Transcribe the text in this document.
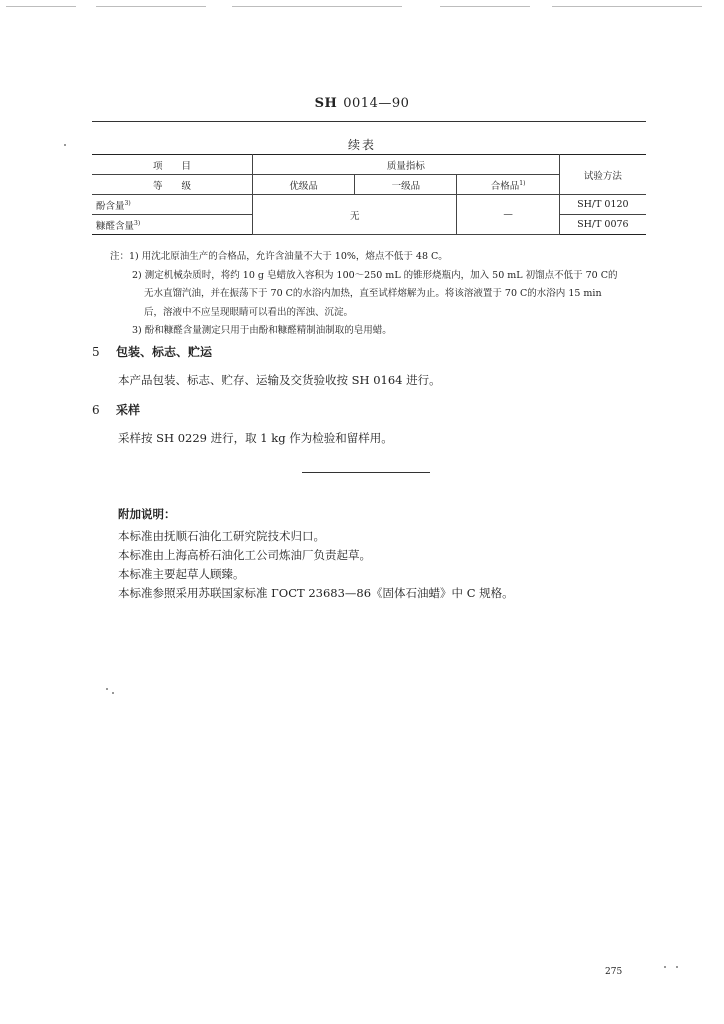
SH 0014—90
续表
项　　目	质量指标			试验方法
等　　级	优级品	一级品	合格品$^{1)}$
酚含量$^{3)}$	无		—	SH/T 0120
糠醛含量$^{3)}$				SH/T 0076
注：1) 用沈北原油生产的合格品，允许含油量不大于 10%，熔点不低于 48 C。
2) 测定机械杂质时，将约 10 g 皂蜡放入容积为 100～250 mL 的锥形烧瓶内，加入 50 mL 初馏点不低于 70 C的
无水直馏汽油，并在振荡下于 70 C的水浴内加热，直至试样熔解为止。将该溶液置于 70 C的水浴内 15 min
后，溶液中不应呈现眼睛可以看出的浑浊、沉淀。
3) 酚和糠醛含量测定只用于由酚和糠醛精制油制取的皂用蜡。
5 包装、标志、贮运
本产品包装、标志、贮存、运输及交货验收按 SH 0164 进行。
6 采样
采样按 SH 0229 进行，取 1 kg 作为检验和留样用。
附加说明：
本标准由抚顺石油化工研究院技术归口。
本标准由上海高桥石油化工公司炼油厂负责起草。
本标准主要起草人顾臻。
本标准参照采用苏联国家标准 ГОСТ 23683—86《固体石油蜡》中 C 规格。
275
